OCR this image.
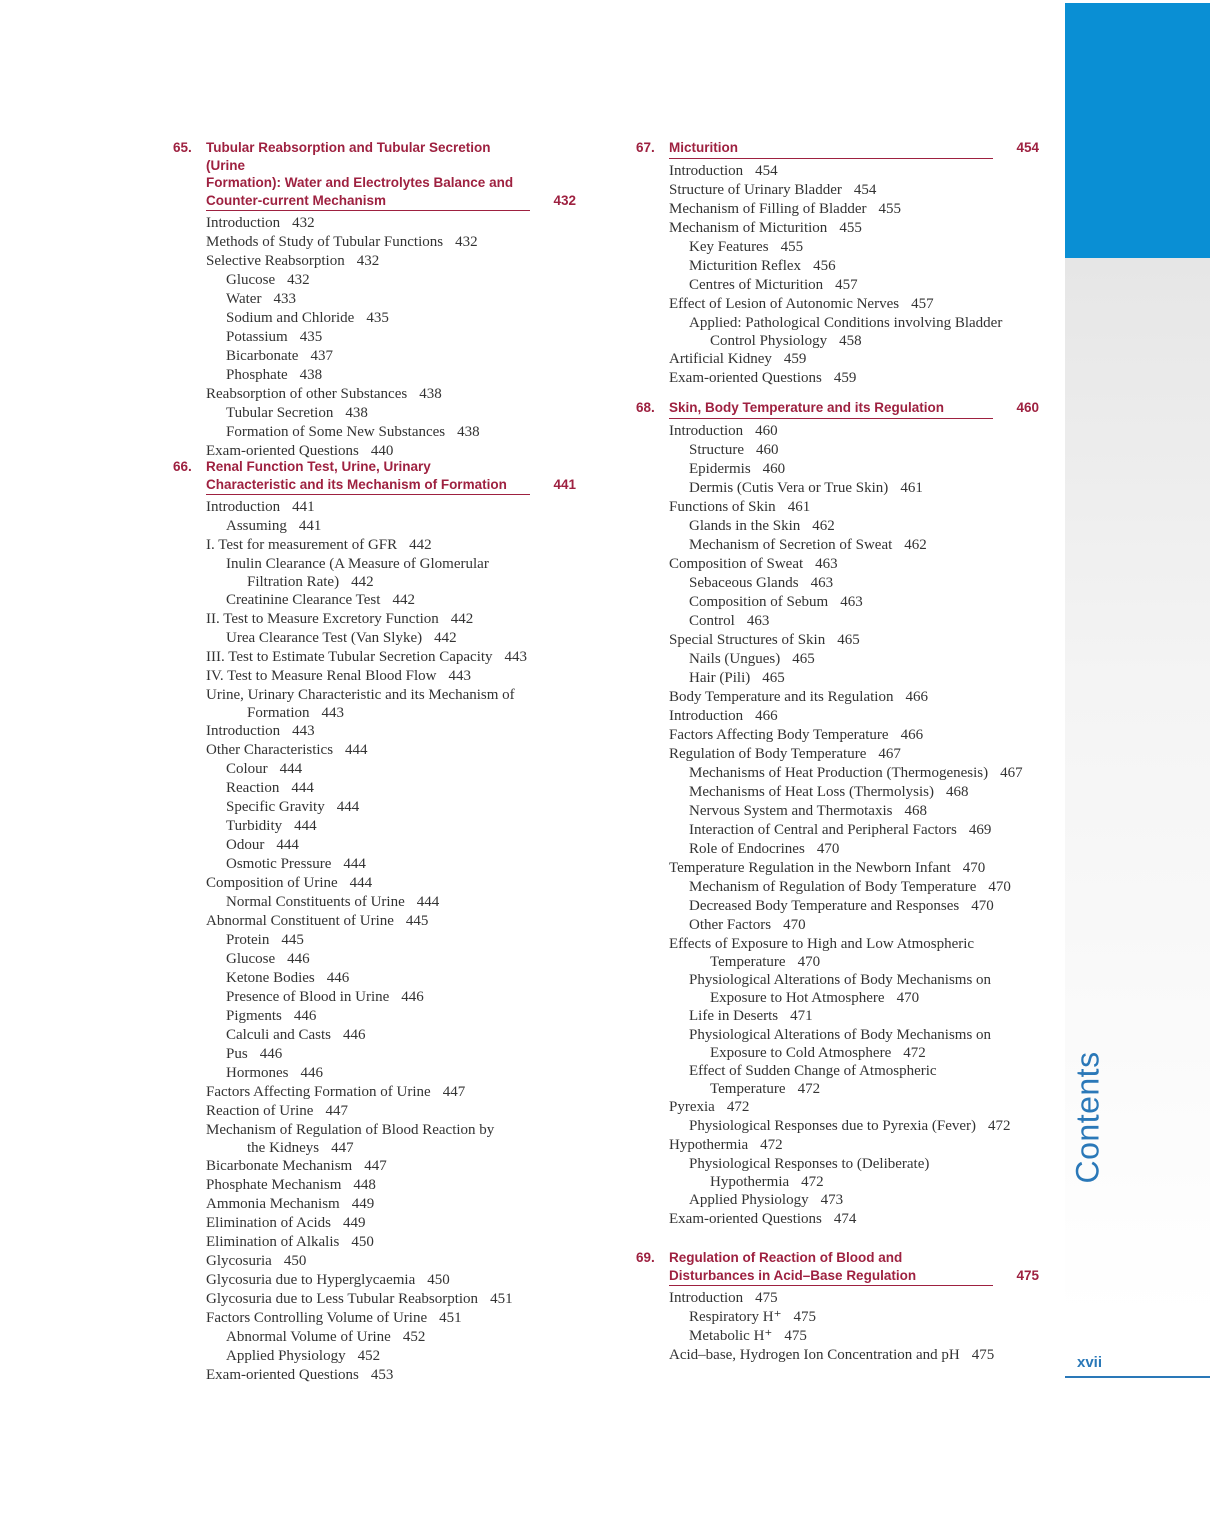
Contents
xvii
65. Tubular Reabsorption and Tubular Secretion (Urine
Formation): Water and Electrolytes Balance and
Counter-current Mechanism	432
Introduction 432
Methods of Study of Tubular Functions 432
Selective Reabsorption 432
Glucose 432
Water 433
Sodium and Chloride 435
Potassium 435
Bicarbonate 437
Phosphate 438
Reabsorption of other Substances 438
Tubular Secretion 438
Formation of Some New Substances 438
Exam-oriented Questions 440
66. Renal Function Test, Urine, Urinary
Characteristic and its Mechanism of Formation	441
Introduction 441
Assuming 441
I. Test for measurement of GFR 442
Inulin Clearance (A Measure of Glomerular
Filtration Rate) 442
Creatinine Clearance Test 442
II. Test to Measure Excretory Function 442
Urea Clearance Test (Van Slyke) 442
III. Test to Estimate Tubular Secretion Capacity 443
IV. Test to Measure Renal Blood Flow 443
Urine, Urinary Characteristic and its Mechanism of
Formation 443
Introduction 443
Other Characteristics 444
Colour 444
Reaction 444
Specific Gravity 444
Turbidity 444
Odour 444
Osmotic Pressure 444
Composition of Urine 444
Normal Constituents of Urine 444
Abnormal Constituent of Urine 445
Protein 445
Glucose 446
Ketone Bodies 446
Presence of Blood in Urine 446
Pigments 446
Calculi and Casts 446
Pus 446
Hormones 446
Factors Affecting Formation of Urine 447
Reaction of Urine 447
Mechanism of Regulation of Blood Reaction by
the Kidneys 447
Bicarbonate Mechanism 447
Phosphate Mechanism 448
Ammonia Mechanism 449
Elimination of Acids 449
Elimination of Alkalis 450
Glycosuria 450
Glycosuria due to Hyperglycaemia 450
Glycosuria due to Less Tubular Reabsorption 451
Factors Controlling Volume of Urine 451
Abnormal Volume of Urine 452
Applied Physiology 452
Exam-oriented Questions 453
67. Micturition	454
Introduction 454
Structure of Urinary Bladder 454
Mechanism of Filling of Bladder 455
Mechanism of Micturition 455
Key Features 455
Micturition Reflex 456
Centres of Micturition 457
Effect of Lesion of Autonomic Nerves 457
Applied: Pathological Conditions involving Bladder
Control Physiology 458
Artificial Kidney 459
Exam-oriented Questions 459
68. Skin, Body Temperature and its Regulation	460
Introduction 460
Structure 460
Epidermis 460
Dermis (Cutis Vera or True Skin) 461
Functions of Skin 461
Glands in the Skin 462
Mechanism of Secretion of Sweat 462
Composition of Sweat 463
Sebaceous Glands 463
Composition of Sebum 463
Control 463
Special Structures of Skin 465
Nails (Ungues) 465
Hair (Pili) 465
Body Temperature and its Regulation 466
Introduction 466
Factors Affecting Body Temperature 466
Regulation of Body Temperature 467
Mechanisms of Heat Production (Thermogenesis) 467
Mechanisms of Heat Loss (Thermolysis) 468
Nervous System and Thermotaxis 468
Interaction of Central and Peripheral Factors 469
Role of Endocrines 470
Temperature Regulation in the Newborn Infant 470
Mechanism of Regulation of Body Temperature 470
Decreased Body Temperature and Responses 470
Other Factors 470
Effects of Exposure to High and Low Atmospheric
Temperature 470
Physiological Alterations of Body Mechanisms on
Exposure to Hot Atmosphere 470
Life in Deserts 471
Physiological Alterations of Body Mechanisms on
Exposure to Cold Atmosphere 472
Effect of Sudden Change of Atmospheric
Temperature 472
Pyrexia 472
Physiological Responses due to Pyrexia (Fever) 472
Hypothermia 472
Physiological Responses to (Deliberate)
Hypothermia 472
Applied Physiology 473
Exam-oriented Questions 474
69. Regulation of Reaction of Blood and
Disturbances in Acid–Base Regulation	475
Introduction 475
Respiratory H⁺ 475
Metabolic H⁺ 475
Acid–base, Hydrogen Ion Concentration and pH 475
